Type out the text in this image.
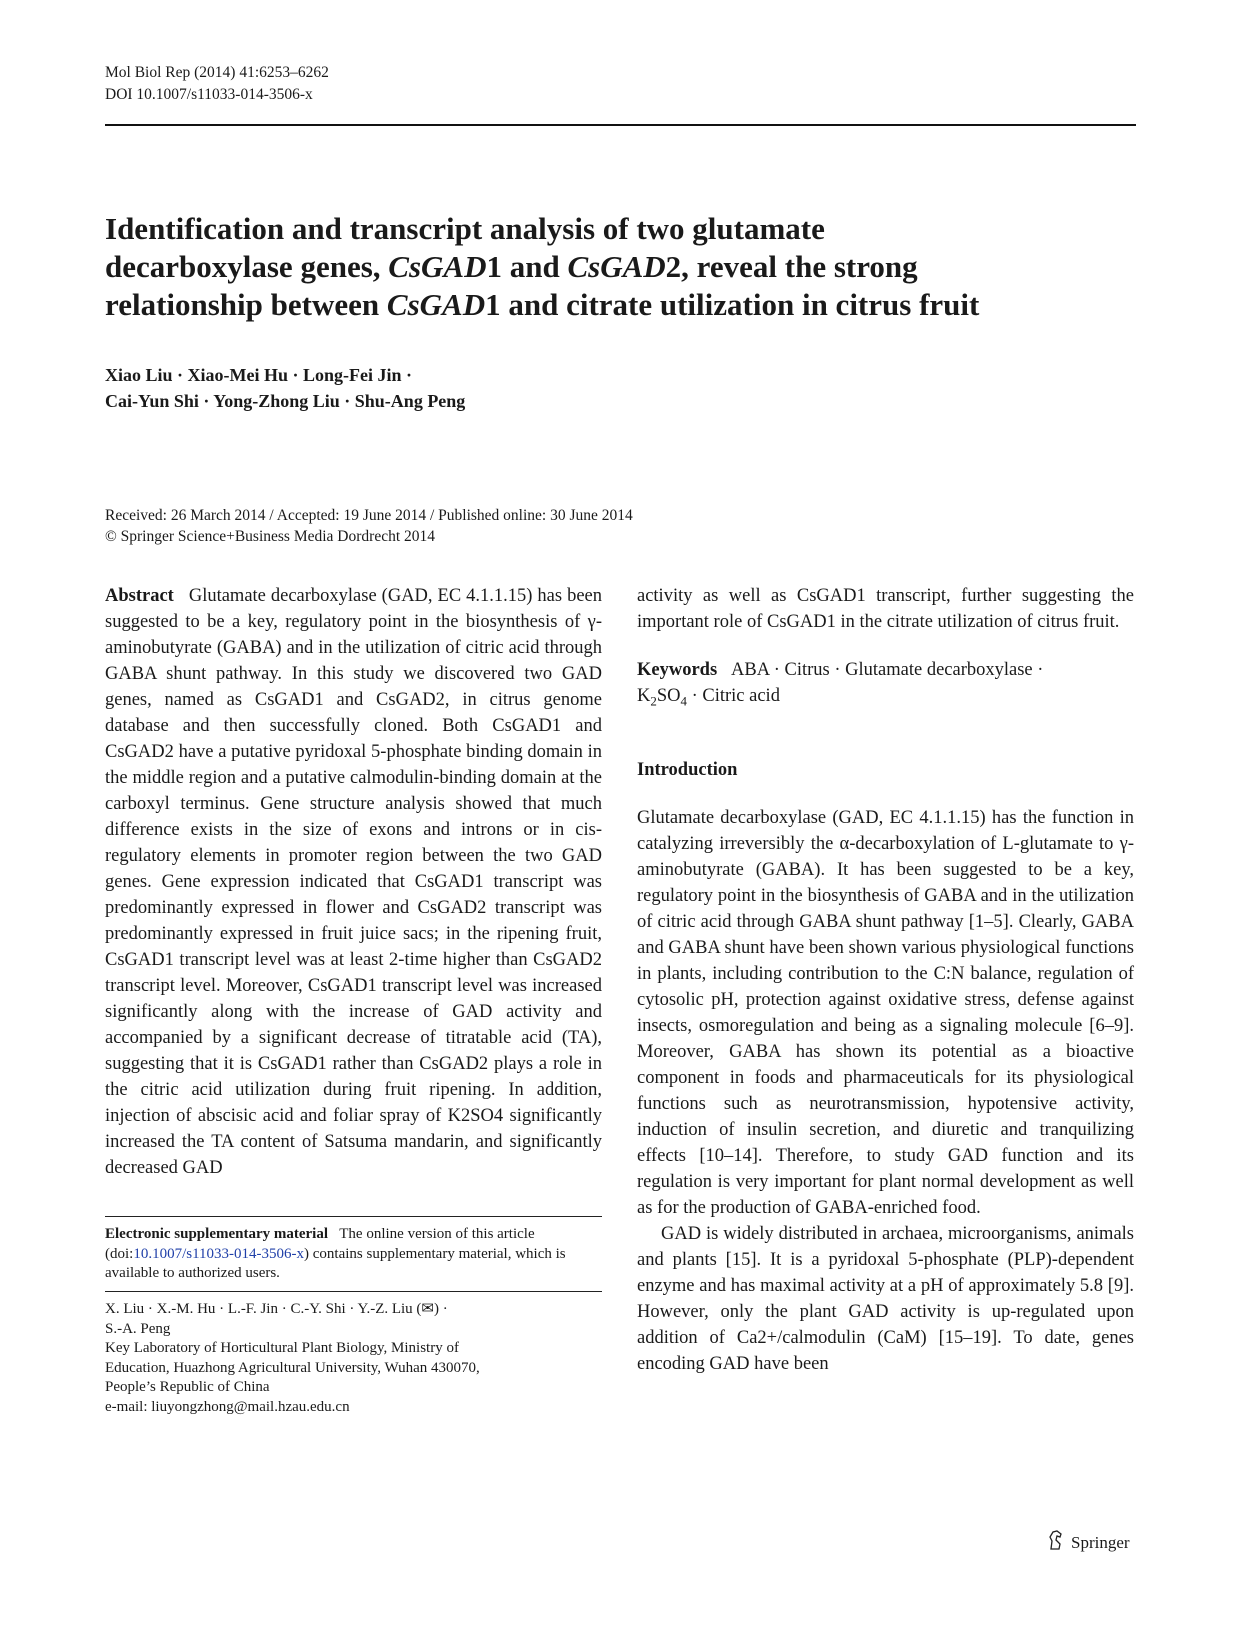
Mol Biol Rep (2014) 41:6253–6262
DOI 10.1007/s11033-014-3506-x
Identification and transcript analysis of two glutamate
decarboxylase genes, CsGAD1 and CsGAD2, reveal the strong
relationship between CsGAD1 and citrate utilization in citrus fruit
Xiao Liu · Xiao-Mei Hu · Long-Fei Jin ·
Cai-Yun Shi · Yong-Zhong Liu · Shu-Ang Peng
Received: 26 March 2014 / Accepted: 19 June 2014 / Published online: 30 June 2014
© Springer Science+Business Media Dordrecht 2014

Abstract Glutamate decarboxylase (GAD, EC 4.1.1.15) has been suggested to be a key, regulatory point in the biosynthesis of γ-aminobutyrate (GABA) and in the utilization of citric acid through GABA shunt pathway. In this study we discovered two GAD genes, named as CsGAD1 and CsGAD2, in citrus genome database and then successfully cloned. Both CsGAD1 and CsGAD2 have a putative pyridoxal 5-phosphate binding domain in the middle region and a putative calmodulin-binding domain at the carboxyl terminus. Gene structure analysis showed that much difference exists in the size of exons and introns or in cis-regulatory elements in promoter region between the two GAD genes. Gene expression indicated that CsGAD1 transcript was predominantly expressed in flower and CsGAD2 transcript was predominantly expressed in fruit juice sacs; in the ripening fruit, CsGAD1 transcript level was at least 2-time higher than CsGAD2 transcript level. Moreover, CsGAD1 transcript level was increased significantly along with the increase of GAD activity and accompanied by a significant decrease of titratable acid (TA), suggesting that it is CsGAD1 rather than CsGAD2 plays a role in the citric acid utilization during fruit ripening. In addition, injection of abscisic acid and foliar spray of K2SO4 significantly increased the TA content of Satsuma mandarin, and significantly decreased GAD

Electronic supplementary material The online version of this article (doi:10.1007/s11033-014-3506-x) contains supplementary material, which is available to authorized users.
X. Liu · X.-M. Hu · L.-F. Jin · C.-Y. Shi · Y.-Z. Liu (✉) ·
S.-A. Peng
Key Laboratory of Horticultural Plant Biology, Ministry of
Education, Huazhong Agricultural University, Wuhan 430070,
People’s Republic of China
e-mail: liuyongzhong@mail.hzau.edu.cn

activity as well as CsGAD1 transcript, further suggesting the important role of CsGAD1 in the citrate utilization of citrus fruit.

Keywords ABA · Citrus · Glutamate decarboxylase ·
$K_2SO_4$ · Citric acid

Introduction

Glutamate decarboxylase (GAD, EC 4.1.1.15) has the function in catalyzing irreversibly the α-decarboxylation of L-glutamate to γ-aminobutyrate (GABA). It has been suggested to be a key, regulatory point in the biosynthesis of GABA and in the utilization of citric acid through GABA shunt pathway [1–5]. Clearly, GABA and GABA shunt have been shown various physiological functions in plants, including contribution to the C:N balance, regulation of cytosolic pH, protection against oxidative stress, defense against insects, osmoregulation and being as a signaling molecule [6–9]. Moreover, GABA has shown its potential as a bioactive component in foods and pharmaceuticals for its physiological functions such as neurotransmission, hypotensive activity, induction of insulin secretion, and diuretic and tranquilizing effects [10–14]. Therefore, to study GAD function and its regulation is very important for plant normal development as well as for the production of GABA-enriched food.

GAD is widely distributed in archaea, microorganisms, animals and plants [15]. It is a pyridoxal 5-phosphate (PLP)-dependent enzyme and has maximal activity at a pH of approximately 5.8 [9]. However, only the plant GAD activity is up-regulated upon addition of Ca2+/calmodulin (CaM) [15–19]. To date, genes encoding GAD have been

Springer
